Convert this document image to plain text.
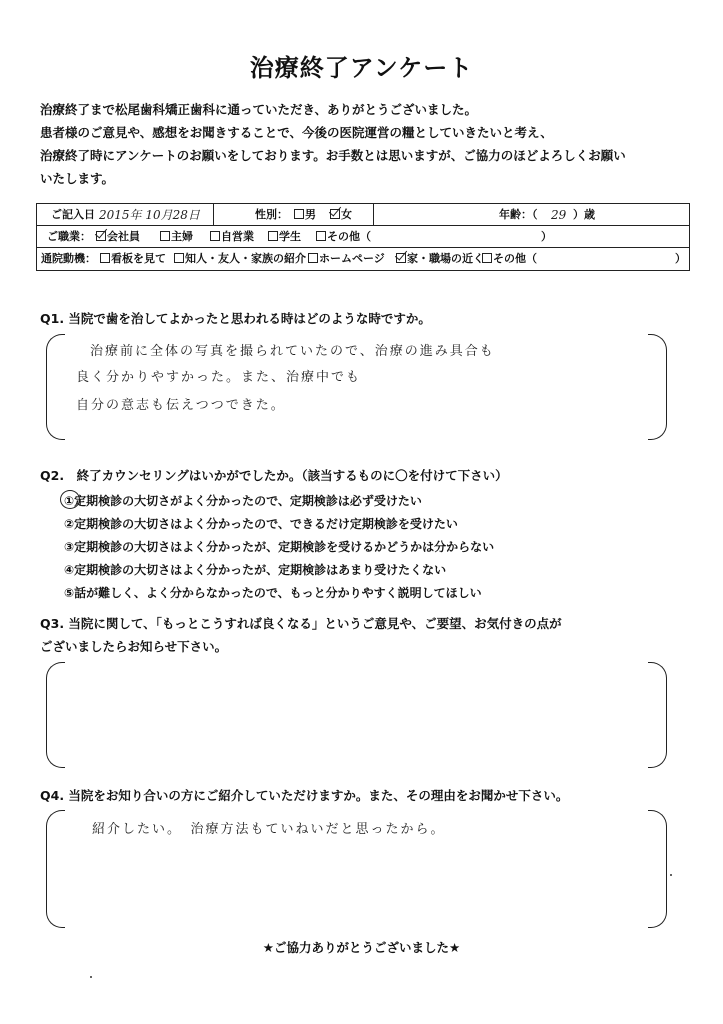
治療終了アンケート
治療終了まで松尾歯科矯正歯科に通っていただき、ありがとうございました。
患者様のご意見や、感想をお聞きすることで、今後の医院運営の糧としていきたいと考え、
治療終了時にアンケートのお願いをしております。お手数とは思いますが、ご協力のほどよろしくお願い
いたします。
ご記入日 2015年 10月28日	性別：	男	女	年齢：（ 29 ）歳
ご職業：	会社員	主婦	自営業	学生	その他（	）
通院動機：	看板を見て	知人・友人・家族の紹介	ホームページ	家・職場の近く その他（	）
Q1. 当院で歯を治してよかったと思われる時はどのような時ですか。
治療前に全体の写真を撮られていたので、治療の進み具合も
良く分かりやすかった。また、治療中でも
自分の意志も伝えつつできた。
Q2.　終了カウンセリングはいかがでしたか。（該当するものに〇を付けて下さい）
①定期検診の大切さがよく分かったので、定期検診は必ず受けたい
②定期検診の大切さはよく分かったので、できるだけ定期検診を受けたい
③定期検診の大切さはよく分かったが、定期検診を受けるかどうかは分からない
④定期検診の大切さはよく分かったが、定期検診はあまり受けたくない
⑤話が難しく、よく分からなかったので、もっと分かりやすく説明してほしい
Q3. 当院に関して、「もっとこうすれば良くなる」というご意見や、ご要望、お気付きの点が
ございましたらお知らせ下さい。
Q4. 当院をお知り合いの方にご紹介していただけますか。また、その理由をお聞かせ下さい。
紹介したい。　治療方法もていねいだと思ったから。
★ご協力ありがとうございました★
